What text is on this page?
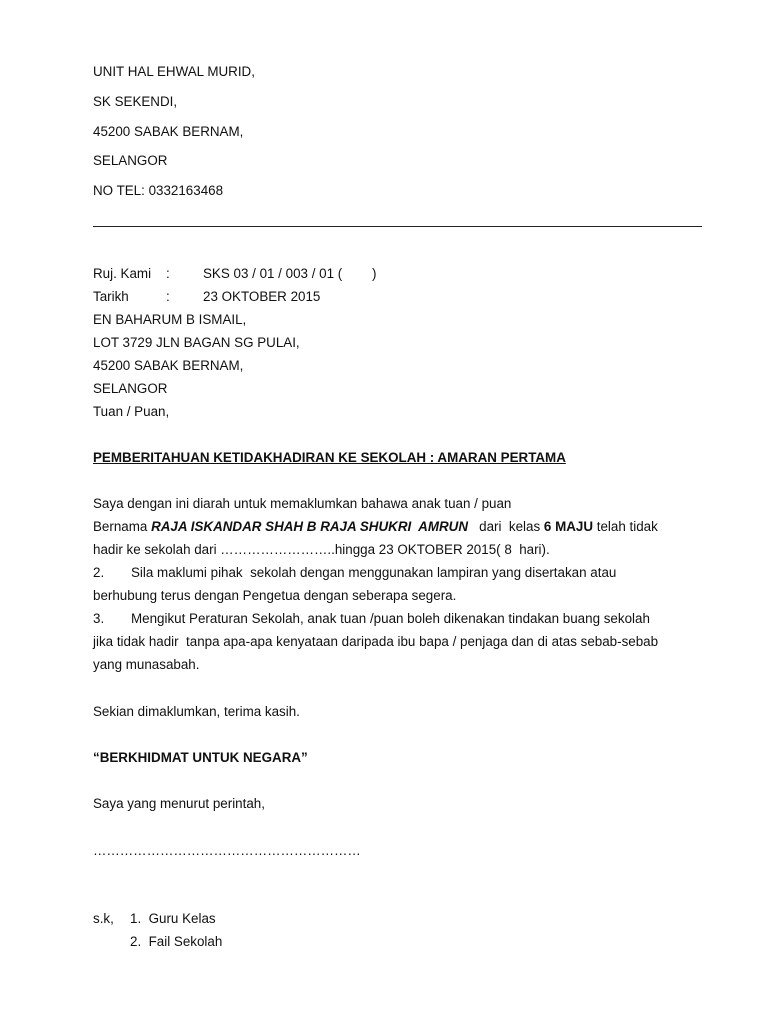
UNIT HAL EHWAL MURID,
SK SEKENDI,
45200 SABAK BERNAM,
SELANGOR
NO TEL: 0332163468
Ruj. Kami : SKS 03 / 01 / 003 / 01 (        )
Tarikh	: 23 OKTOBER 2015
EN BAHARUM B ISMAIL,
LOT 3729 JLN BAGAN SG PULAI,
45200 SABAK BERNAM,
SELANGOR
Tuan / Puan,
PEMBERITAHUAN KETIDAKHADIRAN KE SEKOLAH : AMARAN PERTAMA
Saya dengan ini diarah untuk memaklumkan bahawa anak tuan / puan
Bernama RAJA ISKANDAR SHAH B RAJA SHUKRI  AMRUN   dari  kelas 6 MAJU telah tidak
hadir ke sekolah dari ……………………..hingga 23 OKTOBER 2015( 8  hari).
2. Sila maklumi pihak  sekolah dengan menggunakan lampiran yang disertakan atau
berhubung terus dengan Pengetua dengan seberapa segera.
3. Mengikut Peraturan Sekolah, anak tuan /puan boleh dikenakan tindakan buang sekolah
jika tidak hadir  tanpa apa-apa kenyataan daripada ibu bapa / penjaga dan di atas sebab-sebab
yang munasabah.
Sekian dimaklumkan, terima kasih.
“BERKHIDMAT UNTUK NEGARA”
Saya yang menurut perintah,
……………………………………………………
s.k, 1.  Guru Kelas
2.  Fail Sekolah
